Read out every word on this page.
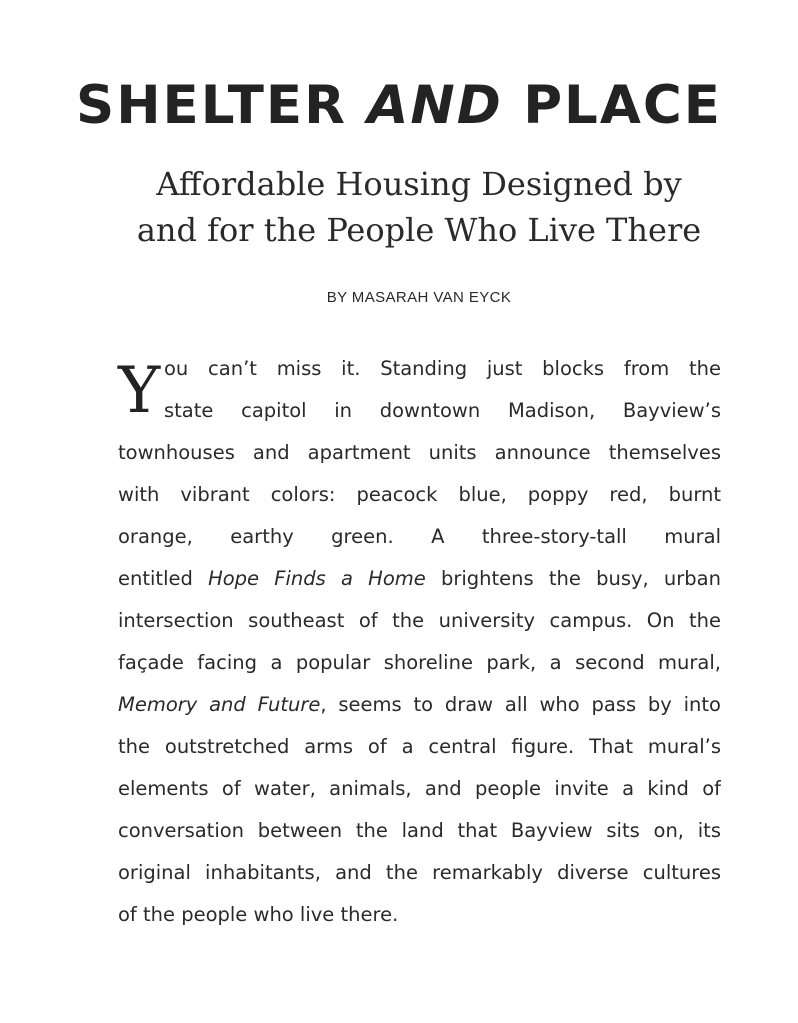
SHELTER AND PLACE
Affordable Housing Designed by
and for the People Who Live There
BY MASARAH VAN EYCK
Y ou can’t miss it. Standing just blocks from the
state capitol in downtown Madison, Bayview’s
townhouses and apartment units announce themselves
with vibrant colors: peacock blue, poppy red, burnt
orange, earthy green. A three-story-tall mural
entitled Hope Finds a Home brightens the busy, urban
intersection southeast of the university campus. On the
façade facing a popular shoreline park, a second mural,
Memory and Future, seems to draw all who pass by into
the outstretched arms of a central figure. That mural’s
elements of water, animals, and people invite a kind of
conversation between the land that Bayview sits on, its
original inhabitants, and the remarkably diverse cultures
of the people who live there.
